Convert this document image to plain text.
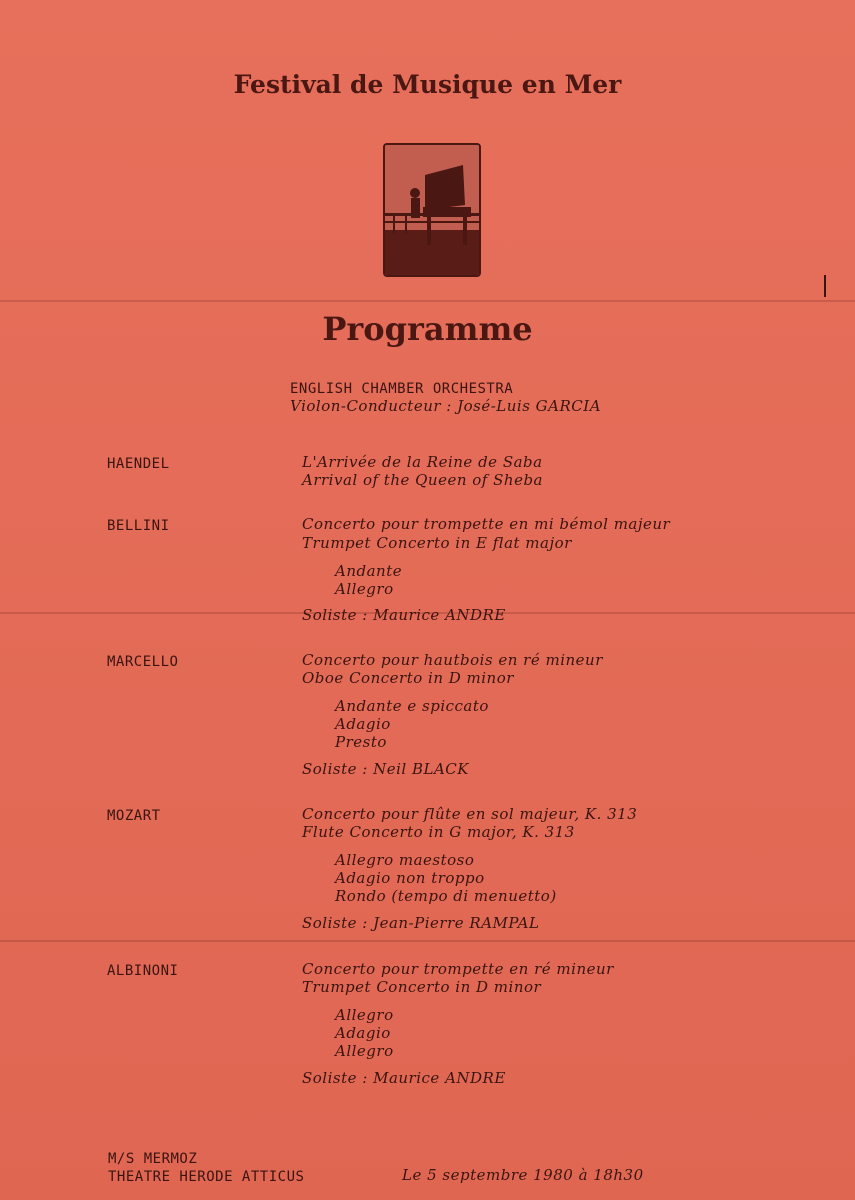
Festival de Musique en Mer
Programme
ENGLISH CHAMBER ORCHESTRA
Violon-Conducteur : José-Luis GARCIA
HAENDEL	L'Arrivée de la Reine de Saba
Arrival of the Queen of Sheba
BELLINI	Concerto pour trompette en mi bémol majeur
Trumpet Concerto in E flat major
Andante
Allegro
Soliste : Maurice ANDRE
MARCELLO	Concerto pour hautbois en ré mineur
Oboe Concerto in D minor
Andante e spiccato
Adagio
Presto
Soliste : Neil BLACK
MOZART	Concerto pour flûte en sol majeur, K. 313
Flute Concerto in G major, K. 313
Allegro maestoso
Adagio non troppo
Rondo (tempo di menuetto)
Soliste : Jean-Pierre RAMPAL
ALBINONI	Concerto pour trompette en ré mineur
Trumpet Concerto in D minor
Allegro
Adagio
Allegro
Soliste : Maurice ANDRE
M/S MERMOZ
THEATRE HERODE ATTICUS	Le 5 septembre 1980 à 18h30
